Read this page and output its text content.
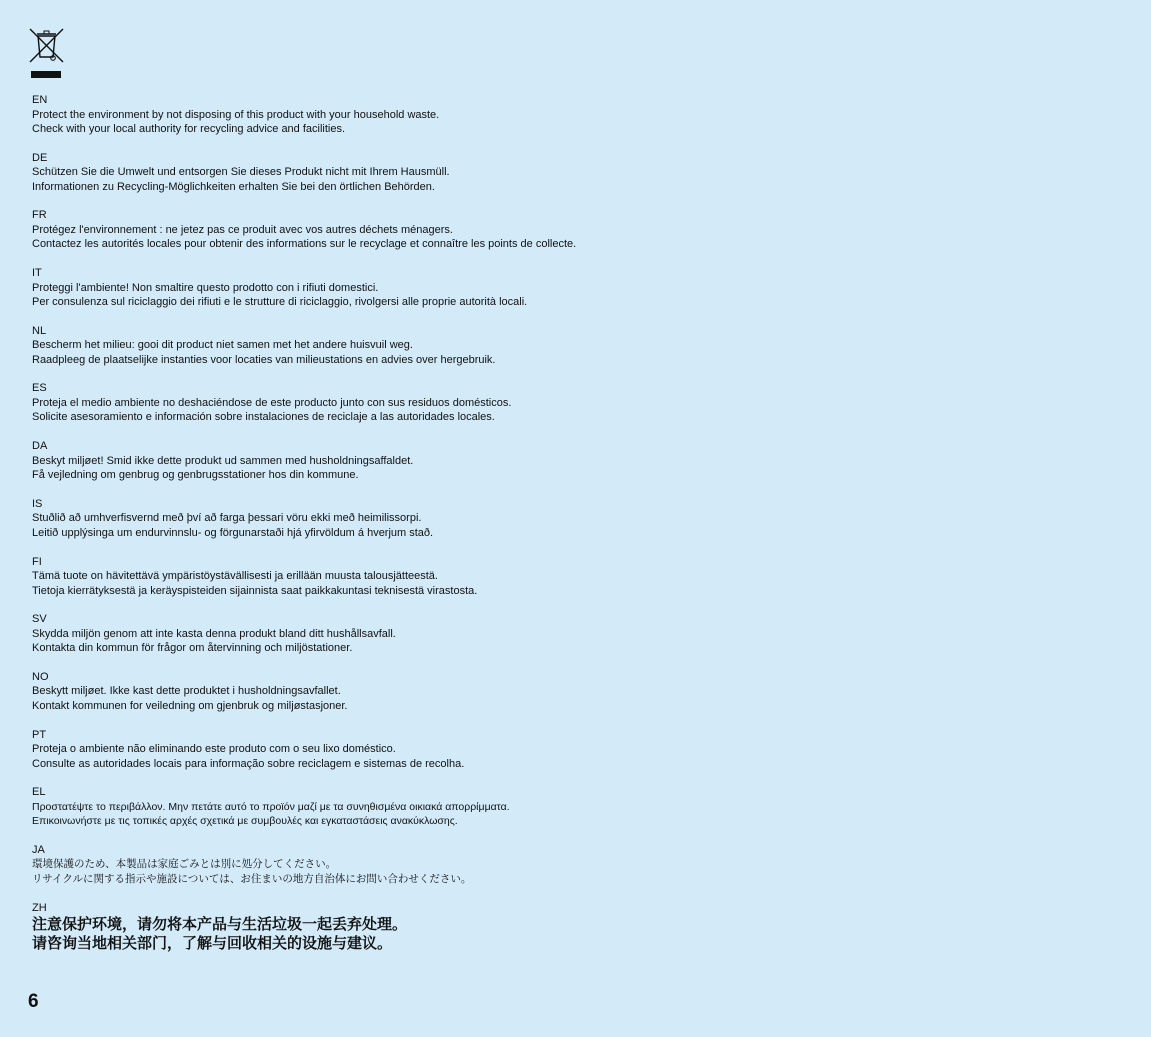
EN
Protect the environment by not disposing of this product with your household waste.
Check with your local authority for recycling advice and facilities.
DE
Schützen Sie die Umwelt und entsorgen Sie dieses Produkt nicht mit Ihrem Hausmüll.
Informationen zu Recycling-Möglichkeiten erhalten Sie bei den örtlichen Behörden.
FR
Protégez l'environnement : ne jetez pas ce produit avec vos autres déchets ménagers.
Contactez les autorités locales pour obtenir des informations sur le recyclage et connaître les points de collecte.
IT
Proteggi l'ambiente! Non smaltire questo prodotto con i rifiuti domestici.
Per consulenza sul riciclaggio dei rifiuti e le strutture di riciclaggio, rivolgersi alle proprie autorità locali.
NL
Bescherm het milieu: gooi dit product niet samen met het andere huisvuil weg.
Raadpleeg de plaatselijke instanties voor locaties van milieustations en advies over hergebruik.
ES
Proteja el medio ambiente no deshaciéndose de este producto junto con sus residuos domésticos.
Solicite asesoramiento e información sobre instalaciones de reciclaje a las autoridades locales.
DA
Beskyt miljøet! Smid ikke dette produkt ud sammen med husholdningsaffaldet.
Få vejledning om genbrug og genbrugsstationer hos din kommune.
IS
Stuðlið að umhverfisvernd með því að farga þessari vöru ekki með heimilissorpi.
Leitið upplýsinga um endurvinnslu- og förgunarstaði hjá yfirvöldum á hverjum stað.
FI
Tämä tuote on hävitettävä ympäristöystävällisesti ja erillään muusta talousjätteestä.
Tietoja kierrätyksestä ja keräyspisteiden sijainnista saat paikkakuntasi teknisestä virastosta.
SV
Skydda miljön genom att inte kasta denna produkt bland ditt hushållsavfall.
Kontakta din kommun för frågor om återvinning och miljöstationer.
NO
Beskytt miljøet. Ikke kast dette produktet i husholdningsavfallet.
Kontakt kommunen for veiledning om gjenbruk og miljøstasjoner.
PT
Proteja o ambiente não eliminando este produto com o seu lixo doméstico.
Consulte as autoridades locais para informação sobre reciclagem e sistemas de recolha.
EL
Προστατέψτε το περιβάλλον. Μην πετάτε αυτό το προϊόν μαζί με τα συνηθισμένα οικιακά απορρίμματα.
Επικοινωνήστε με τις τοπικές αρχές σχετικά με συμβουλές και εγκαταστάσεις ανακύκλωσης.
JA
環境保護のため、本製品は家庭ごみとは別に処分してください。
リサイクルに関する指示や施設については、お住まいの地方自治体にお問い合わせください。
ZH
注意保护环境，请勿将本产品与生活垃圾一起丢弃处理。
请咨询当地相关部门，了解与回收相关的设施与建议。
6
